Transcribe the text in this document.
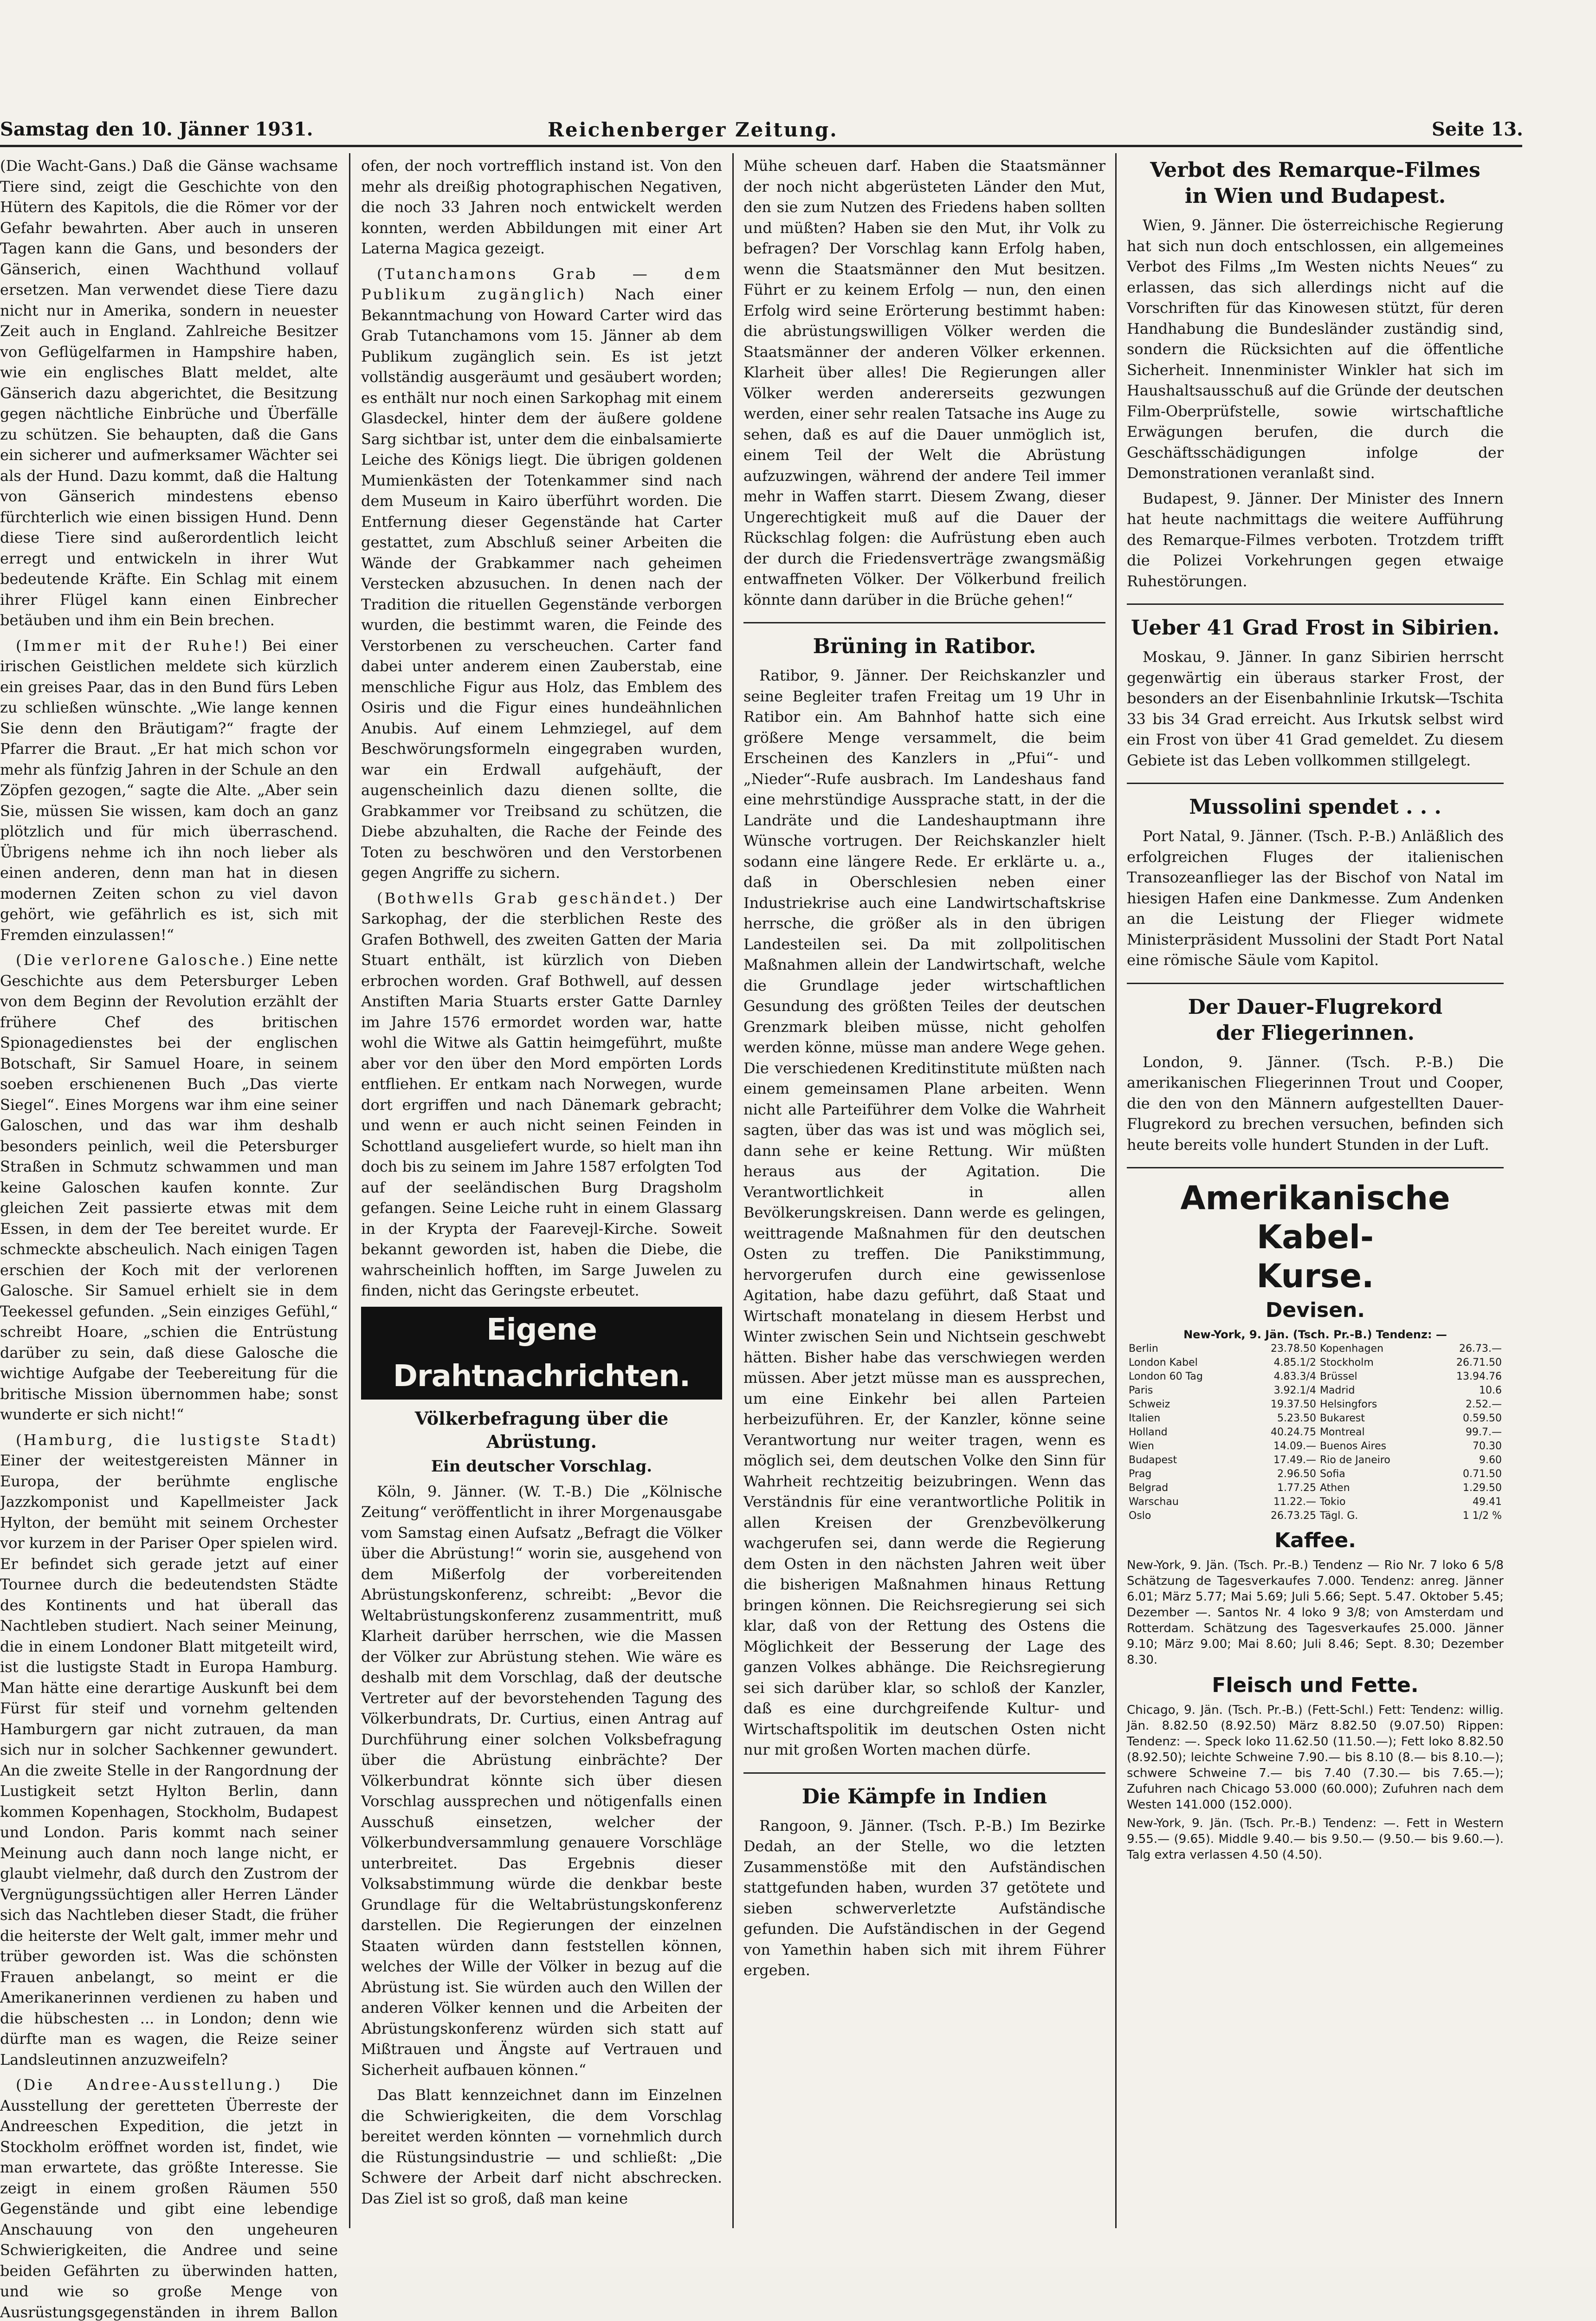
Samstag den 10. Jänner 1931.	Reichenberger Zeitung.	Seite 13.

(Die Wacht-Gans.) Daß die Gänse wachsame Tiere sind, zeigt die Geschichte von den Hütern des Kapitols, die die Römer vor der Gefahr bewahrten. Aber auch in unseren Tagen kann die Gans, und besonders der Gänserich, einen Wachthund vollauf ersetzen. Man verwendet diese Tiere dazu nicht nur in Amerika, sondern in neuester Zeit auch in England. Zahlreiche Besitzer von Geflügelfarmen in Hampshire haben, wie ein englisches Blatt meldet, alte Gänserich dazu abgerichtet, die Besitzung gegen nächtliche Einbrüche und Überfälle zu schützen. Sie behaupten, daß die Gans ein sicherer und aufmerksamer Wächter sei als der Hund. Dazu kommt, daß die Haltung von Gänserich mindestens ebenso fürchterlich wie einen bissigen Hund. Denn diese Tiere sind außerordentlich leicht erregt und entwickeln in ihrer Wut bedeutende Kräfte. Ein Schlag mit einem ihrer Flügel kann einen Einbrecher betäuben und ihm ein Bein brechen.

(Immer mit der Ruhe!) Bei einer irischen Geistlichen meldete sich kürzlich ein greises Paar, das in den Bund fürs Leben zu schließen wünschte. „Wie lange kennen Sie denn den Bräutigam?“ fragte der Pfarrer die Braut. „Er hat mich schon vor mehr als fünfzig Jahren in der Schule an den Zöpfen gezogen,“ sagte die Alte. „Aber sein Sie, müssen Sie wissen, kam doch an ganz plötzlich und für mich überraschend. Übrigens nehme ich ihn noch lieber als einen anderen, denn man hat in diesen modernen Zeiten schon zu viel davon gehört, wie gefährlich es ist, sich mit Fremden einzulassen!“

(Die verlorene Galosche.) Eine nette Geschichte aus dem Petersburger Leben von dem Beginn der Revolution erzählt der frühere Chef des britischen Spionagedienstes bei der englischen Botschaft, Sir Samuel Hoare, in seinem soeben erschienenen Buch „Das vierte Siegel“. Eines Morgens war ihm eine seiner Galoschen, und das war ihm deshalb besonders peinlich, weil die Petersburger Straßen in Schmutz schwammen und man keine Galoschen kaufen konnte. Zur gleichen Zeit passierte etwas mit dem Essen, in dem der Tee bereitet wurde. Er schmeckte abscheulich. Nach einigen Tagen erschien der Koch mit der verlorenen Galosche. Sir Samuel erhielt sie in dem Teekessel gefunden. „Sein einziges Gefühl,“ schreibt Hoare, „schien die Entrüstung darüber zu sein, daß diese Galosche die wichtige Aufgabe der Teebereitung für die britische Mission übernommen habe; sonst wunderte er sich nicht!“

(Hamburg, die lustigste Stadt) Einer der weitestgereisten Männer in Europa, der berühmte englische Jazzkomponist und Kapellmeister Jack Hylton, der bemüht mit seinem Orchester vor kurzem in der Pariser Oper spielen wird. Er befindet sich gerade jetzt auf einer Tournee durch die bedeutendsten Städte des Kontinents und hat überall das Nachtleben studiert. Nach seiner Meinung, die in einem Londoner Blatt mitgeteilt wird, ist die lustigste Stadt in Europa Hamburg. Man hätte eine derartige Auskunft bei dem Fürst für steif und vornehm geltenden Hamburgern gar nicht zutrauen, da man sich nur in solcher Sachkenner gewundert. An die zweite Stelle in der Rangordnung der Lustigkeit setzt Hylton Berlin, dann kommen Kopenhagen, Stockholm, Budapest und London. Paris kommt nach seiner Meinung auch dann noch lange nicht, er glaubt vielmehr, daß durch den Zustrom der Vergnügungssüchtigen aller Herren Länder sich das Nachtleben dieser Stadt, die früher die heiterste der Welt galt, immer mehr und trüber geworden ist. Was die schönsten Frauen anbelangt, so meint er die Amerikanerinnen verdienen zu haben und die hübschesten ... in London; denn wie dürfte man es wagen, die Reize seiner Landsleutinnen anzuzweifeln?

(Die Andree-Ausstellung.) Die Ausstellung der geretteten Überreste der Andreeschen Expedition, die jetzt in Stockholm eröffnet worden ist, findet, wie man erwartete, das größte Interesse. Sie zeigt in einem großen Räumen 550 Gegenstände und gibt eine lebendige Anschauung von den ungeheuren Schwierigkeiten, die Andree und seine beiden Gefährten zu überwinden hatten, und wie so große Menge von Ausrüstungsgegenständen in ihrem Ballon

ofen, der noch vortrefflich instand ist. Von den mehr als dreißig photographischen Negativen, die noch 33 Jahren noch entwickelt werden konnten, werden Abbildungen mit einer Art Laterna Magica gezeigt.

(Tutanchamons Grab — dem Publikum zugänglich) Nach einer Bekanntmachung von Howard Carter wird das Grab Tutanchamons vom 15. Jänner ab dem Publikum zugänglich sein. Es ist jetzt vollständig ausgeräumt und gesäubert worden; es enthält nur noch einen Sarkophag mit einem Glasdeckel, hinter dem der äußere goldene Sarg sichtbar ist, unter dem die einbalsamierte Leiche des Königs liegt. Die übrigen goldenen Mumienkästen der Totenkammer sind nach dem Museum in Kairo überführt worden. Die Entfernung dieser Gegenstände hat Carter gestattet, zum Abschluß seiner Arbeiten die Wände der Grabkammer nach geheimen Verstecken abzusuchen. In denen nach der Tradition die rituellen Gegenstände verborgen wurden, die bestimmt waren, die Feinde des Verstorbenen zu verscheuchen. Carter fand dabei unter anderem einen Zauberstab, eine menschliche Figur aus Holz, das Emblem des Osiris und die Figur eines hundeähnlichen Anubis. Auf einem Lehmziegel, auf dem Beschwörungsformeln eingegraben wurden, war ein Erdwall aufgehäuft, der augenscheinlich dazu dienen sollte, die Grabkammer vor Treibsand zu schützen, die Diebe abzuhalten, die Rache der Feinde des Toten zu beschwören und den Verstorbenen gegen Angriffe zu sichern.

(Bothwells Grab geschändet.) Der Sarkophag, der die sterblichen Reste des Grafen Bothwell, des zweiten Gatten der Maria Stuart enthält, ist kürzlich von Dieben erbrochen worden. Graf Bothwell, auf dessen Anstiften Maria Stuarts erster Gatte Darnley im Jahre 1576 ermordet worden war, hatte wohl die Witwe als Gattin heimgeführt, mußte aber vor den über den Mord empörten Lords entfliehen. Er entkam nach Norwegen, wurde dort ergriffen und nach Dänemark gebracht; und wenn er auch nicht seinen Feinden in Schottland ausgeliefert wurde, so hielt man ihn doch bis zu seinem im Jahre 1587 erfolgten Tod auf der seeländischen Burg Dragsholm gefangen. Seine Leiche ruht in einem Glassarg in der Krypta der Faarevejl-Kirche. Soweit bekannt geworden ist, haben die Diebe, die wahrscheinlich hofften, im Sarge Juwelen zu finden, nicht das Geringste erbeutet.

Eigene Drahtnachrichten.
Völkerbefragung über die Abrüstung.
Ein deutscher Vorschlag.

Köln, 9. Jänner. (W. T.-B.) Die „Kölnische Zeitung“ veröffentlicht in ihrer Morgenausgabe vom Samstag einen Aufsatz „Befragt die Völker über die Abrüstung!“ worin sie, ausgehend von dem Mißerfolg der vorbereitenden Abrüstungskonferenz, schreibt: „Bevor die Weltabrüstungskonferenz zusammentritt, muß Klarheit darüber herrschen, wie die Massen der Völker zur Abrüstung stehen. Wie wäre es deshalb mit dem Vorschlag, daß der deutsche Vertreter auf der bevorstehenden Tagung des Völkerbundrats, Dr. Curtius, einen Antrag auf Durchführung einer solchen Volksbefragung über die Abrüstung einbrächte? Der Völkerbundrat könnte sich über diesen Vorschlag aussprechen und nötigenfalls einen Ausschuß einsetzen, welcher der Völkerbundversammlung genauere Vorschläge unterbreitet. Das Ergebnis dieser Volksabstimmung würde die denkbar beste Grundlage für die Weltabrüstungskonferenz darstellen. Die Regierungen der einzelnen Staaten würden dann feststellen können, welches der Wille der Völker in bezug auf die Abrüstung ist. Sie würden auch den Willen der anderen Völker kennen und die Arbeiten der Abrüstungskonferenz würden sich statt auf Mißtrauen und Ängste auf Vertrauen und Sicherheit aufbauen können.“

Das Blatt kennzeichnet dann im Einzelnen die Schwierigkeiten, die dem Vorschlag bereitet werden könnten — vornehmlich durch die Rüstungsindustrie — und schließt: „Die Schwere der Arbeit darf nicht abschrecken. Das Ziel ist so groß, daß man keine

Mühe scheuen darf. Haben die Staatsmänner der noch nicht abgerüsteten Länder den Mut, den sie zum Nutzen des Friedens haben sollten und müßten? Haben sie den Mut, ihr Volk zu befragen? Der Vorschlag kann Erfolg haben, wenn die Staatsmänner den Mut besitzen. Führt er zu keinem Erfolg — nun, den einen Erfolg wird seine Erörterung bestimmt haben: die abrüstungswilligen Völker werden die Staatsmänner der anderen Völker erkennen. Klarheit über alles! Die Regierungen aller Völker werden andererseits gezwungen werden, einer sehr realen Tatsache ins Auge zu sehen, daß es auf die Dauer unmöglich ist, einem Teil der Welt die Abrüstung aufzuzwingen, während der andere Teil immer mehr in Waffen starrt. Diesem Zwang, dieser Ungerechtigkeit muß auf die Dauer der Rückschlag folgen: die Aufrüstung eben auch der durch die Friedensverträge zwangsmäßig entwaffneten Völker. Der Völkerbund freilich könnte dann darüber in die Brüche gehen!“

Brüning in Ratibor.

Ratibor, 9. Jänner. Der Reichskanzler und seine Begleiter trafen Freitag um 19 Uhr in Ratibor ein. Am Bahnhof hatte sich eine größere Menge versammelt, die beim Erscheinen des Kanzlers in „Pfui“- und „Nieder“-Rufe ausbrach. Im Landeshaus fand eine mehrstündige Aussprache statt, in der die Landräte und die Landeshauptmann ihre Wünsche vortrugen. Der Reichskanzler hielt sodann eine längere Rede. Er erklärte u. a., daß in Oberschlesien neben einer Industriekrise auch eine Landwirtschaftskrise herrsche, die größer als in den übrigen Landesteilen sei. Da mit zollpolitischen Maßnahmen allein der Landwirtschaft, welche die Grundlage jeder wirtschaftlichen Gesundung des größten Teiles der deutschen Grenzmark bleiben müsse, nicht geholfen werden könne, müsse man andere Wege gehen. Die verschiedenen Kreditinstitute müßten nach einem gemeinsamen Plane arbeiten. Wenn nicht alle Parteiführer dem Volke die Wahrheit sagten, über das was ist und was möglich sei, dann sehe er keine Rettung. Wir müßten heraus aus der Agitation. Die Verantwortlichkeit in allen Bevölkerungskreisen. Dann werde es gelingen, weittragende Maßnahmen für den deutschen Osten zu treffen. Die Panikstimmung, hervorgerufen durch eine gewissenlose Agitation, habe dazu geführt, daß Staat und Wirtschaft monatelang in diesem Herbst und Winter zwischen Sein und Nichtsein geschwebt hätten. Bisher habe das verschwiegen werden müssen. Aber jetzt müsse man es aussprechen, um eine Einkehr bei allen Parteien herbeizuführen. Er, der Kanzler, könne seine Verantwortung nur weiter tragen, wenn es möglich sei, dem deutschen Volke den Sinn für Wahrheit rechtzeitig beizubringen. Wenn das Verständnis für eine verantwortliche Politik in allen Kreisen der Grenzbevölkerung wachgerufen sei, dann werde die Regierung dem Osten in den nächsten Jahren weit über die bisherigen Maßnahmen hinaus Rettung bringen können. Die Reichsregierung sei sich klar, daß von der Rettung des Ostens die Möglichkeit der Besserung der Lage des ganzen Volkes abhänge. Die Reichsregierung sei sich darüber klar, so schloß der Kanzler, daß es eine durchgreifende Kultur- und Wirtschaftspolitik im deutschen Osten nicht nur mit großen Worten machen dürfe.

Die Kämpfe in Indien

Rangoon, 9. Jänner. (Tsch. P.-B.) Im Bezirke Dedah, an der Stelle, wo die letzten Zusammenstöße mit den Aufständischen stattgefunden haben, wurden 37 getötete und sieben schwerverletzte Aufständische gefunden. Die Aufständischen in der Gegend von Yamethin haben sich mit ihrem Führer ergeben.

Verbot des Remarque-Filmes
in Wien und Budapest.

Wien, 9. Jänner. Die österreichische Regierung hat sich nun doch entschlossen, ein allgemeines Verbot des Films „Im Westen nichts Neues“ zu erlassen, das sich allerdings nicht auf die Vorschriften für das Kinowesen stützt, für deren Handhabung die Bundesländer zuständig sind, sondern die Rücksichten auf die öffentliche Sicherheit. Innenminister Winkler hat sich im Haushaltsausschuß auf die Gründe der deutschen Film-Oberprüfstelle, sowie wirtschaftliche Erwägungen berufen, die durch die Geschäftsschädigungen infolge der Demonstrationen veranlaßt sind.

Budapest, 9. Jänner. Der Minister des Innern hat heute nachmittags die weitere Aufführung des Remarque-Filmes verboten. Trotzdem trifft die Polizei Vorkehrungen gegen etwaige Ruhestörungen.

Ueber 41 Grad Frost in Sibirien.

Moskau, 9. Jänner. In ganz Sibirien herrscht gegenwärtig ein überaus starker Frost, der besonders an der Eisenbahnlinie Irkutsk—Tschita 33 bis 34 Grad erreicht. Aus Irkutsk selbst wird ein Frost von über 41 Grad gemeldet. Zu diesem Gebiete ist das Leben vollkommen stillgelegt.

Mussolini spendet . . .

Port Natal, 9. Jänner. (Tsch. P.-B.) Anläßlich des erfolgreichen Fluges der italienischen Transozeanflieger las der Bischof von Natal im hiesigen Hafen eine Dankmesse. Zum Andenken an die Leistung der Flieger widmete Ministerpräsident Mussolini der Stadt Port Natal eine römische Säule vom Kapitol.

Der Dauer-Flugrekord
der Fliegerinnen.

London, 9. Jänner. (Tsch. P.-B.) Die amerikanischen Fliegerinnen Trout und Cooper, die den von den Männern aufgestellten Dauer-Flugrekord zu brechen versuchen, befinden sich heute bereits volle hundert Stunden in der Luft.

Amerikanische Kabel-
Kurse.
Devisen.
New-York, 9. Jän. (Tsch. Pr.-B.) Tendenz: —
Berlin	23.78.50	Kopenhagen	26.73.—
London Kabel	4.85.1/2	Stockholm	26.71.50
London 60 Tag	4.83.3/4	Brüssel	13.94.76
Paris	3.92.1/4	Madrid	10.6
Schweiz	19.37.50	Helsingfors	2.52.—
Italien	5.23.50	Bukarest	0.59.50
Holland	40.24.75	Montreal	99.7.—
Wien	14.09.—	Buenos Aires	70.30
Budapest	17.49.—	Rio de Janeiro	9.60
Prag	2.96.50	Sofia	0.71.50
Belgrad	1.77.25	Athen	1.29.50
Warschau	11.22.—	Tokio	49.41
Oslo	26.73.25	Tägl. G.	1 1/2 %
Kaffee.

New-York, 9. Jän. (Tsch. Pr.-B.) Tendenz — Rio Nr. 7 loko 6 5/8 Schätzung de Tagesverkaufes 7.000. Tendenz: anreg. Jänner 6.01; März 5.77; Mai 5.69; Juli 5.66; Sept. 5.47. Oktober 5.45; Dezember —. Santos Nr. 4 loko 9 3/8; von Amsterdam und Rotterdam. Schätzung des Tagesverkaufes 25.000. Jänner 9.10; März 9.00; Mai 8.60; Juli 8.46; Sept. 8.30; Dezember 8.30.

Fleisch und Fette.

Chicago, 9. Jän. (Tsch. Pr.-B.) (Fett-Schl.) Fett: Tendenz: willig. Jän. 8.82.50 (8.92.50) März 8.82.50 (9.07.50) Rippen: Tendenz: —. Speck loko 11.62.50 (11.50.—); Fett loko 8.82.50 (8.92.50); leichte Schweine 7.90.— bis 8.10 (8.— bis 8.10.—); schwere Schweine 7.— bis 7.40 (7.30.— bis 7.65.—); Zufuhren nach Chicago 53.000 (60.000); Zufuhren nach dem Westen 141.000 (152.000).

New-York, 9. Jän. (Tsch. Pr.-B.) Tendenz: —. Fett in Western 9.55.— (9.65). Middle 9.40.— bis 9.50.— (9.50.— bis 9.60.—). Talg extra verlassen 4.50 (4.50).
